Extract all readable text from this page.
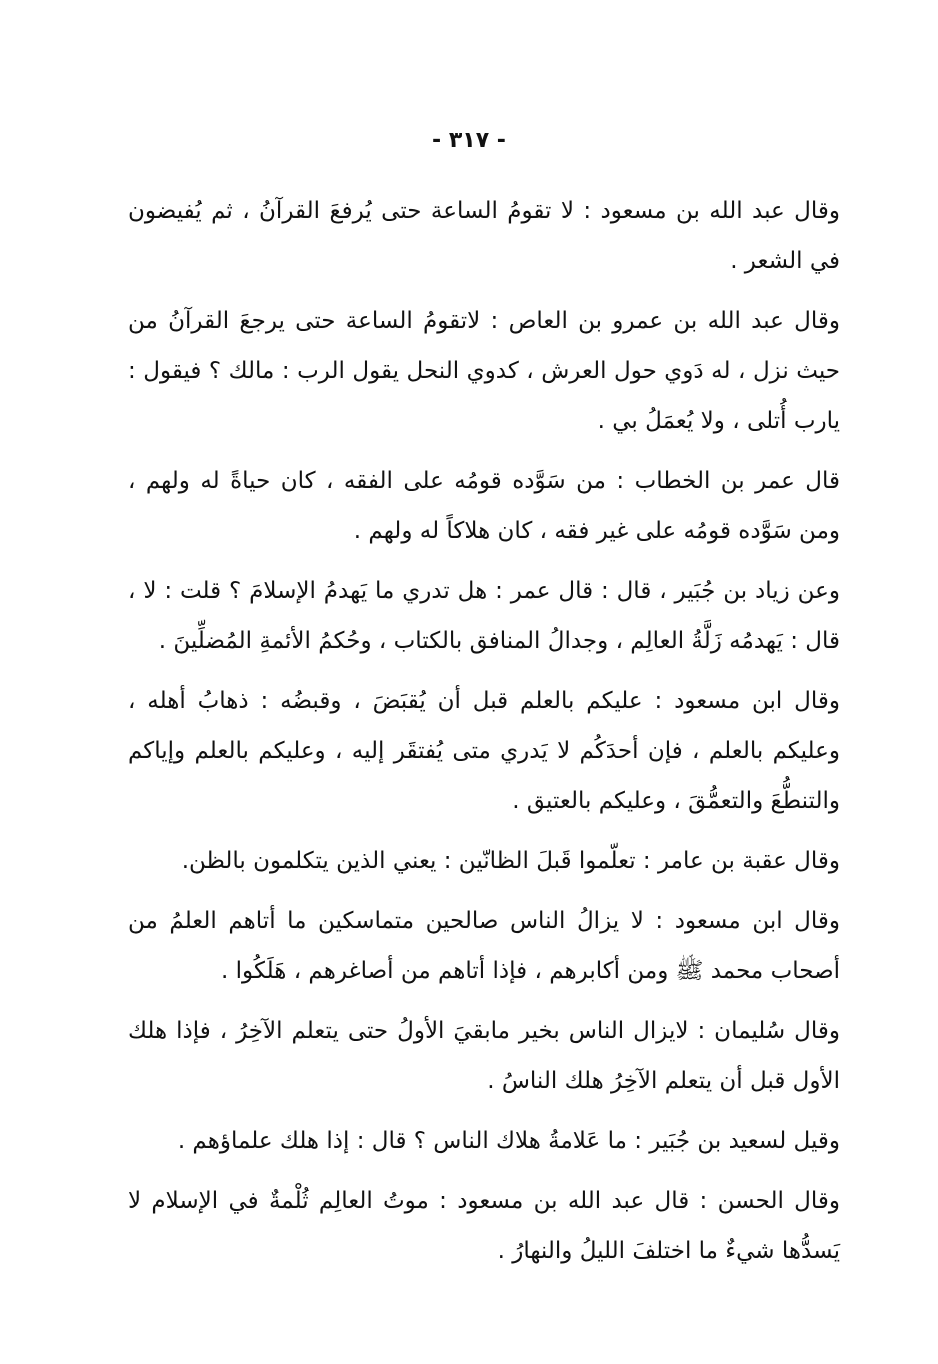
- ٣١٧ -

وقال عبد الله بن مسعود : لا تقومُ الساعة حتى يُرفعَ القرآنُ ، ثم يُفيضون في الشعر .

وقال عبد الله بن عمرو بن العاص : لاتقومُ الساعة حتى يرجعَ القرآنُ من حيث نزل ، له دَوي حول العرش ، كدوي النحل يقول الرب : مالك ؟ فيقول : يارب أُتلى ، ولا يُعمَلُ بي .

قال عمر بن الخطاب : من سَوَّده قومُه على الفقه ، كان حياةً له ولهم ، ومن سَوَّده قومُه على غير فقه ، كان هلاكاً له ولهم .

وعن زياد بن جُبَير ، قال : قال عمر : هل تدري ما يَهدمُ الإسلامَ ؟ قلت : لا ، قال : يَهدمُه زَلَّةُ العالِم ، وجدالُ المنافق بالكتاب ، وحُكمُ الأئمةِ المُضلِّينَ .

وقال ابن مسعود : عليكم بالعلم قبل أن يُقبَضَ ، وقبضُه : ذهابُ أهله ، وعليكم بالعلم ، فإن أحدَكُم لا يَدري متى يُفتقَر إليه ، وعليكم بالعلم وإياكم والتنطُّعَ والتعمُّقَ ، وعليكم بالعتيق .

وقال عقبة بن عامر : تعلّموا قَبلَ الظانّين : يعني الذين يتكلمون بالظن.

وقال ابن مسعود : لا يزالُ الناس صالحين متماسكين ما أتاهم العلمُ من أصحاب محمد ﷺ ومن أكابرهم ، فإذا أتاهم من أصاغرهم ، هَلَكُوا .

وقال سُليمان : لايزال الناس بخير مابقيَ الأولُ حتى يتعلم الآخِرُ ، فإذا هلك الأول قبل أن يتعلم الآخِرُ هلك الناسُ .

وقيل لسعيد بن جُبَير : ما عَلامةُ هلاك الناس ؟ قال : إذا هلك علماؤهم .

وقال الحسن : قال عبد الله بن مسعود : موتُ العالِم ثُلْمةٌ في الإسلام لا يَسدُّها شيءٌ ما اختلفَ الليلُ والنهارُ .
